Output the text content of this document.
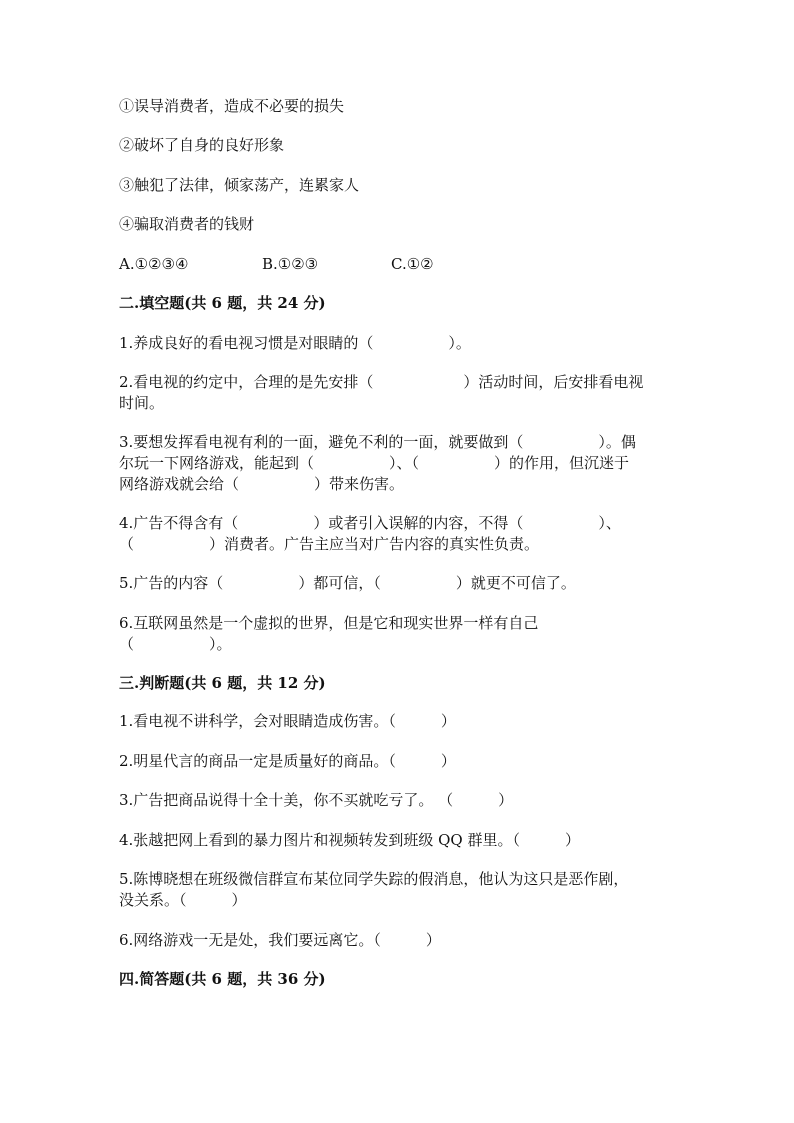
①误导消费者，造成不必要的损失
②破坏了自身的良好形象
③触犯了法律，倾家荡产，连累家人
④骗取消费者的钱财
A.①②③④	B.①②③	C.①②
二.填空题(共 6 题，共 24 分)
1.养成良好的看电视习惯是对眼睛的（　　　　　）。
2.看电视的约定中，合理的是先安排（　　　　　　）活动时间，后安排看电视
时间。
3.要想发挥看电视有利的一面，避免不利的一面，就要做到（　　　　　）。偶
尔玩一下网络游戏，能起到（　　　　　）、（　　　　　）的作用，但沉迷于
网络游戏就会给（　　　　　）带来伤害。
4.广告不得含有（　　　　　）或者引入误解的内容，不得（　　　　　）、
（　　　　　）消费者。广告主应当对广告内容的真实性负责。
5.广告的内容（　　　　　）都可信，（　　　　　）就更不可信了。
6.互联网虽然是一个虚拟的世界，但是它和现实世界一样有自己
（　　　　　）。
三.判断题(共 6 题，共 12 分)
1.看电视不讲科学，会对眼睛造成伤害。（　　　）
2.明星代言的商品一定是质量好的商品。（　　　）
3.广告把商品说得十全十美，你不买就吃亏了。 （　　　）
4.张越把网上看到的暴力图片和视频转发到班级 QQ 群里。（　　　）
5.陈博晓想在班级微信群宣布某位同学失踪的假消息，他认为这只是恶作剧，
没关系。（　　　）
6.网络游戏一无是处，我们要远离它。（　　　）
四.简答题(共 6 题，共 36 分)
